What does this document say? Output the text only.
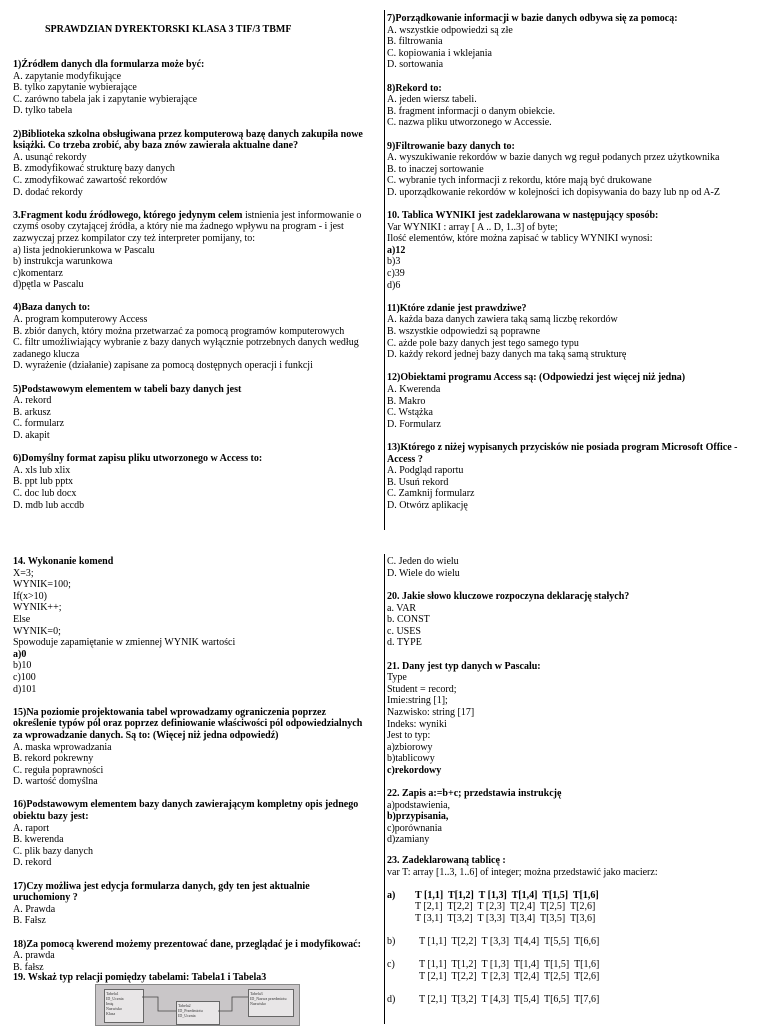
SPRAWDZIAN DYREKTORSKI KLASA 3 TIF/3 TBMF
1)Źródłem danych dla formularza może być:
A. zapytanie modyfikujące
B. tylko zapytanie wybierające
C. zarówno tabela jak i zapytanie wybierające
D. tylko tabela
2)Biblioteka szkolna obsługiwana przez komputerową bazę danych zakupiła nowe książki. Co trzeba zrobić, aby baza znów zawierała aktualne dane?
A. usunąć rekordy
B. zmodyfikować strukturę bazy danych
C. zmodyfikować zawartość rekordów
D. dodać rekordy
3.Fragment kodu źródłowego, którego jedynym celem istnienia jest informowanie o czymś osoby czytającej źródła, a który nie ma żadnego wpływu na program - i jest zazwyczaj przez kompilator czy też interpreter pomijany, to:
a) lista jednokierunkowa w Pascalu
b) instrukcja warunkowa
c)komentarz
d)pętla w Pascalu
4)Baza danych to:
A. program komputerowy Access
B. zbiór danych, który można przetwarzać za pomocą programów komputerowych
C. filtr umożliwiający wybranie z bazy danych wyłącznie potrzebnych danych według zadanego klucza
D. wyrażenie (działanie) zapisane za pomocą dostępnych operacji i funkcji
5)Podstawowym elementem w tabeli bazy danych jest
A. rekord
B. arkusz
C. formularz
D. akapit
6)Domyślny format zapisu pliku utworzonego w Access to:
A. xls lub xlix
B. ppt lub pptx
C. doc lub docx
D. mdb lub accdb
7)Porządkowanie informacji w bazie danych odbywa się za pomocą:
A. wszystkie odpowiedzi są złe
B. filtrowania
C. kopiowania i wklejania
D. sortowania
8)Rekord to:
A. jeden wiersz tabeli.
B. fragment informacji o danym obiekcie.
C. nazwa pliku utworzonego w Accessie.
9)Filtrowanie bazy danych to:
A. wyszukiwanie rekordów w bazie danych wg reguł podanych przez użytkownika
B. to inaczej sortowanie
C. wybranie tych informacji z rekordu, które mają być drukowane
D. uporządkowanie rekordów w kolejności ich dopisywania do bazy lub np od A-Z
10. Tablica WYNIKI jest zadeklarowana w następujący sposób:
Var WYNIKI : array [ A .. D, 1..3] of byte;
Ilość elementów, które można zapisać w tablicy WYNIKI wynosi:
a)12
b)3
c)39
d)6
11)Które zdanie jest prawdziwe?
A. każda baza danych zawiera taką samą liczbę rekordów
B. wszystkie odpowiedzi są poprawne
C. ażde pole bazy danych jest tego samego typu
D. każdy rekord jednej bazy danych ma taką samą strukturę
12)Obiektami programu Access są: (Odpowiedzi jest więcej niż jedna)
A. Kwerenda
B. Makro
C. Wstążka
D. Formularz
13)Którego z niżej wypisanych przycisków nie posiada program Microsoft Office - Access ?
A. Podgląd raportu
B. Usuń rekord
C. Zamknij formularz
D. Otwórz aplikację
14. Wykonanie komend
X=3;
WYNIK=100;
If(x>10)
WYNIK++;
Else
WYNIK=0;
Spowoduje zapamiętanie w zmiennej WYNIK wartości
a)0
b)10
c)100
d)101
15)Na poziomie projektowania tabel wprowadzamy ograniczenia poprzez określenie typów pól oraz poprzez definiowanie właściwości pól odpowiedzialnych za wprowadzanie danych. Są to: (Więcej niż jedna odpowiedź)
A. maska wprowadzania
B. rekord pokrewny
C. reguła poprawności
D. wartość domyślna
16)Podstawowym elementem bazy danych zawierającym kompletny opis jednego obiektu bazy jest:
A. raport
B. kwerenda
C. plik bazy danych
D. rekord
17)Czy możliwa jest edycja formularza danych, gdy ten jest aktualnie uruchomiony ?
A. Prawda
B. Fałsz
18)Za pomocą kwerend możemy prezentować dane, przeglądać je i modyfikować:
A. prawda
B. fałsz
19. Wskaż typ relacji pomiędzy tabelami: Tabela1 i Tabela3
Tabela1
ID_Ucznia
Imię
Nazwisko
Klasa
Tabela2
ID_Przedmiotu
ID_Ucznia
Tabela3
ID_Nazwa przedmiotu
Nazwisko
C. Jeden do wielu
D. Wiele do wielu
20. Jakie słowo kluczowe rozpoczyna deklarację stałych?
a. VAR
b. CONST
c. USES
d. TYPE
21. Dany jest typ danych w Pascalu:
Type
Student = record;
Imie:string [1];
Nazwisko: string [17]
Indeks: wyniki
Jest to typ:
a)zbiorowy
b)tablicowy
c)rekordowy
22. Zapis a:=b+c; przedstawia instrukcję
a)podstawienia,
b)przypisania,
c)porównania
d)zamiany
23. Zadeklarowaną tablicę :
var T: array [1..3, 1..6] of integer; można przedstawić jako macierz:
a) T [1,1]  T[1,2]  T [1,3]  T[1,4]  T[1,5]  T[1,6]
T [2,1]  T[2,2]  T [2,3]  T[2,4]  T[2,5]  T[2,6]
T [3,1]  T[3,2]  T [3,3]  T[3,4]  T[3,5]  T[3,6]
b) T [1,1]  T[2,2]  T [3,3]  T[4,4]  T[5,5]  T[6,6]
c) T [1,1]  T[1,2]  T [1,3]  T[1,4]  T[1,5]  T[1,6]
T [2,1]  T[2,2]  T [2,3]  T[2,4]  T[2,5]  T[2,6]
d) T [2,1]  T[3,2]  T [4,3]  T[5,4]  T[6,5]  T[7,6]
